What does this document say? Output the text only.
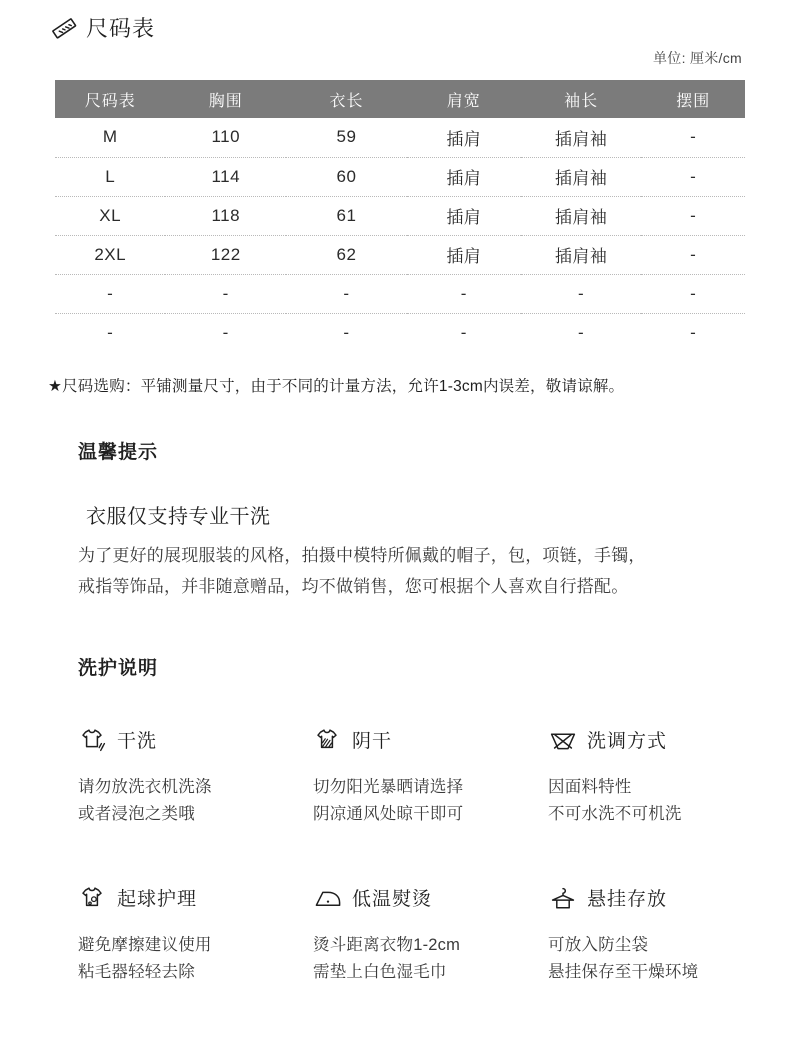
尺码表
单位: 厘米/cm
尺码表	胸围	衣长	肩宽	袖长	摆围
M	110	59	插肩	插肩袖	-
L	114	60	插肩	插肩袖	-
XL	118	61	插肩	插肩袖	-
2XL	122	62	插肩	插肩袖	-
-	-	-	-	-	-
-	-	-	-	-	-
★尺码选购：平铺测量尺寸，由于不同的计量方法，允许1-3cm内误差，敬请谅解。
温馨提示
衣服仅支持专业干洗
为了更好的展现服装的风格，拍摄中模特所佩戴的帽子，包，项链，手镯，
戒指等饰品，并非随意赠品，均不做销售，您可根据个人喜欢自行搭配。
洗护说明
干洗
请勿放洗衣机洗涤
或者浸泡之类哦
阴干
切勿阳光暴晒请选择
阴凉通风处晾干即可
洗调方式
因面料特性
不可水洗不可机洗
起球护理
避免摩擦建议使用
粘毛器轻轻去除
低温熨烫
烫斗距离衣物1-2cm
需垫上白色湿毛巾
悬挂存放
可放入防尘袋
悬挂保存至干燥环境
